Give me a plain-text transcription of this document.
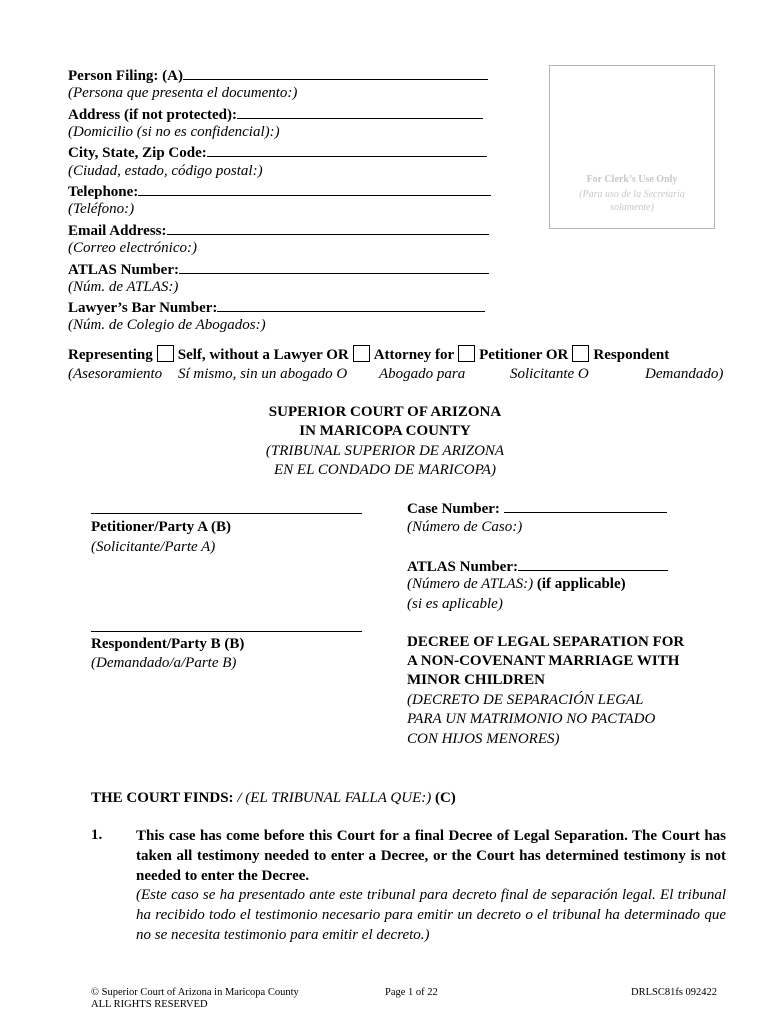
Person Filing: (A)
(Persona que presenta el documento:)
Address (if not protected):
(Domicilio (si no es confidencial):)
City, State, Zip Code:
(Ciudad, estado, código postal:)
Telephone:
(Teléfono:)
Email Address:
(Correo electrónico:)
ATLAS Number:
(Núm. de ATLAS:)
Lawyer’s Bar Number:
(Núm. de Colegio de Abogados:)
For Clerk’s Use Only
(Para uso de la Secretaría solamente)
Representing Self, without a Lawyer OR Attorney for Petitioner OR Respondent
(Asesoramiento Sí mismo, sin un abogado O Abogado para	Solicitante O	Demandado)
SUPERIOR COURT OF ARIZONA
IN MARICOPA COUNTY
(TRIBUNAL SUPERIOR DE ARIZONA
EN EL CONDADO DE MARICOPA)
Petitioner/Party A (B)
(Solicitante/Parte A)
Respondent/Party B (B)
(Demandado/a/Parte B)
Case Number:
(Número de Caso:)
ATLAS Number:
(Número de ATLAS:) (if applicable)
(si es aplicable)
DECREE OF LEGAL SEPARATION FOR
A NON-COVENANT MARRIAGE WITH
MINOR CHILDREN
(DECRETO DE SEPARACIÓN LEGAL
PARA UN MATRIMONIO NO PACTADO
CON HIJOS MENORES)
THE COURT FINDS: / (EL TRIBUNAL FALLA QUE:) (C)
1. This case has come before this Court for a final Decree of Legal Separation. The Court has taken all testimony needed to enter a Decree, or the Court has determined testimony is not needed to enter the Decree.
(Este caso se ha presentado ante este tribunal para decreto final de separación legal. El tribunal ha recibido todo el testimonio necesario para emitir un decreto o el tribunal ha determinado que no se necesita testimonio para emitir el decreto.)
© Superior Court of Arizona in Maricopa County
ALL RIGHTS RESERVED
Page 1 of 22	DRLSC81fs 092422
